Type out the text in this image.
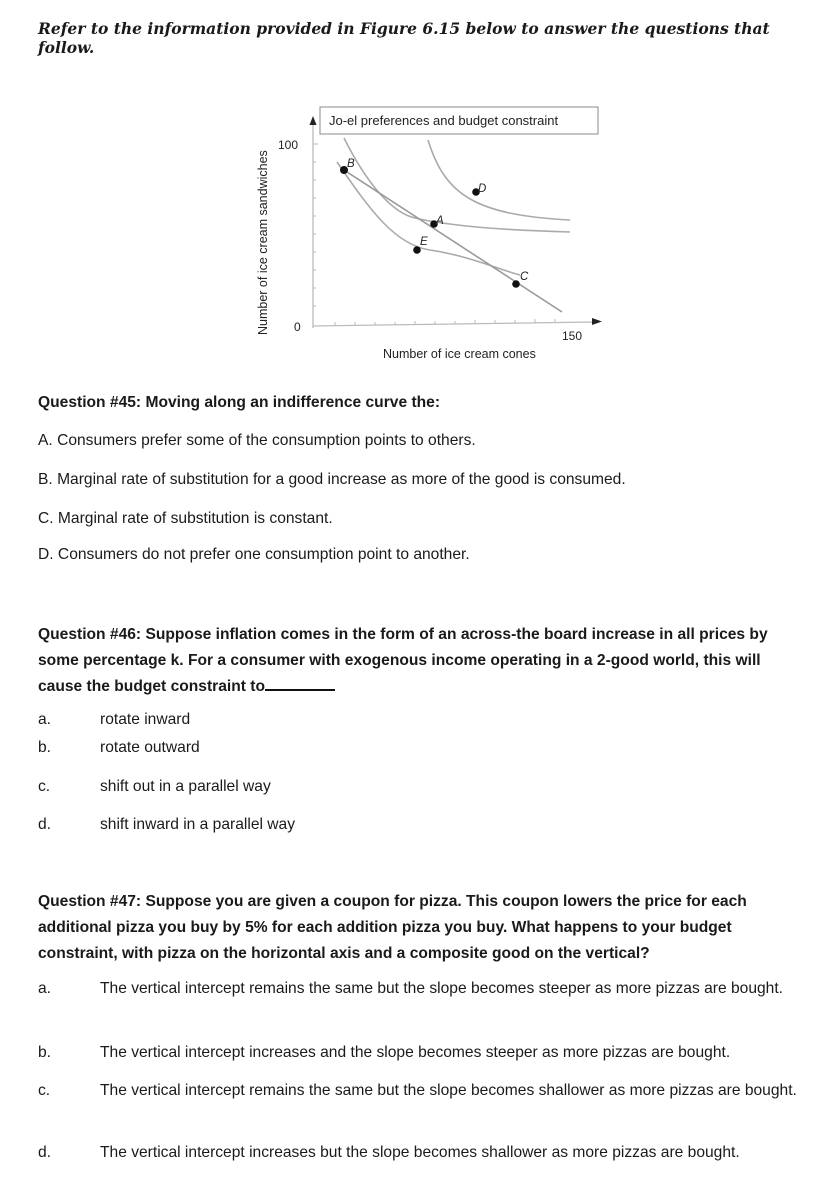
Refer to the information provided in Figure 6.15 below to answer the questions that follow.
Number of ice cream sandwiches
100
0
150
Number of ice cream cones
Jo-el preferences and budget constraint
B
D
A
E
C
Question #45: Moving along an indifference curve the:
A. Consumers prefer some of the consumption points to others.
B. Marginal rate of substitution for a good increase as more of the good is consumed.
C. Marginal rate of substitution is constant.
D. Consumers do not prefer one consumption point to another.
Question #46: Suppose inflation comes in the form of an across-the board increase in all prices by some percentage k. For a consumer with exogenous income operating in a 2-good world, this will cause the budget constraint to
a.	rotate inward
b.	rotate outward
c.	shift out in a parallel way
d.	shift inward in a parallel way
Question #47: Suppose you are given a coupon for pizza. This coupon lowers the price for each additional pizza you buy by 5% for each addition pizza you buy. What happens to your budget constraint, with pizza on the horizontal axis and a composite good on the vertical?
a.	The vertical intercept remains the same but the slope becomes steeper as more pizzas are bought.
b.	The vertical intercept increases and the slope becomes steeper as more pizzas are bought.
c.	The vertical intercept remains the same but the slope becomes shallower as more pizzas are bought.
d.	The vertical intercept increases but the slope becomes shallower as more pizzas are bought.
